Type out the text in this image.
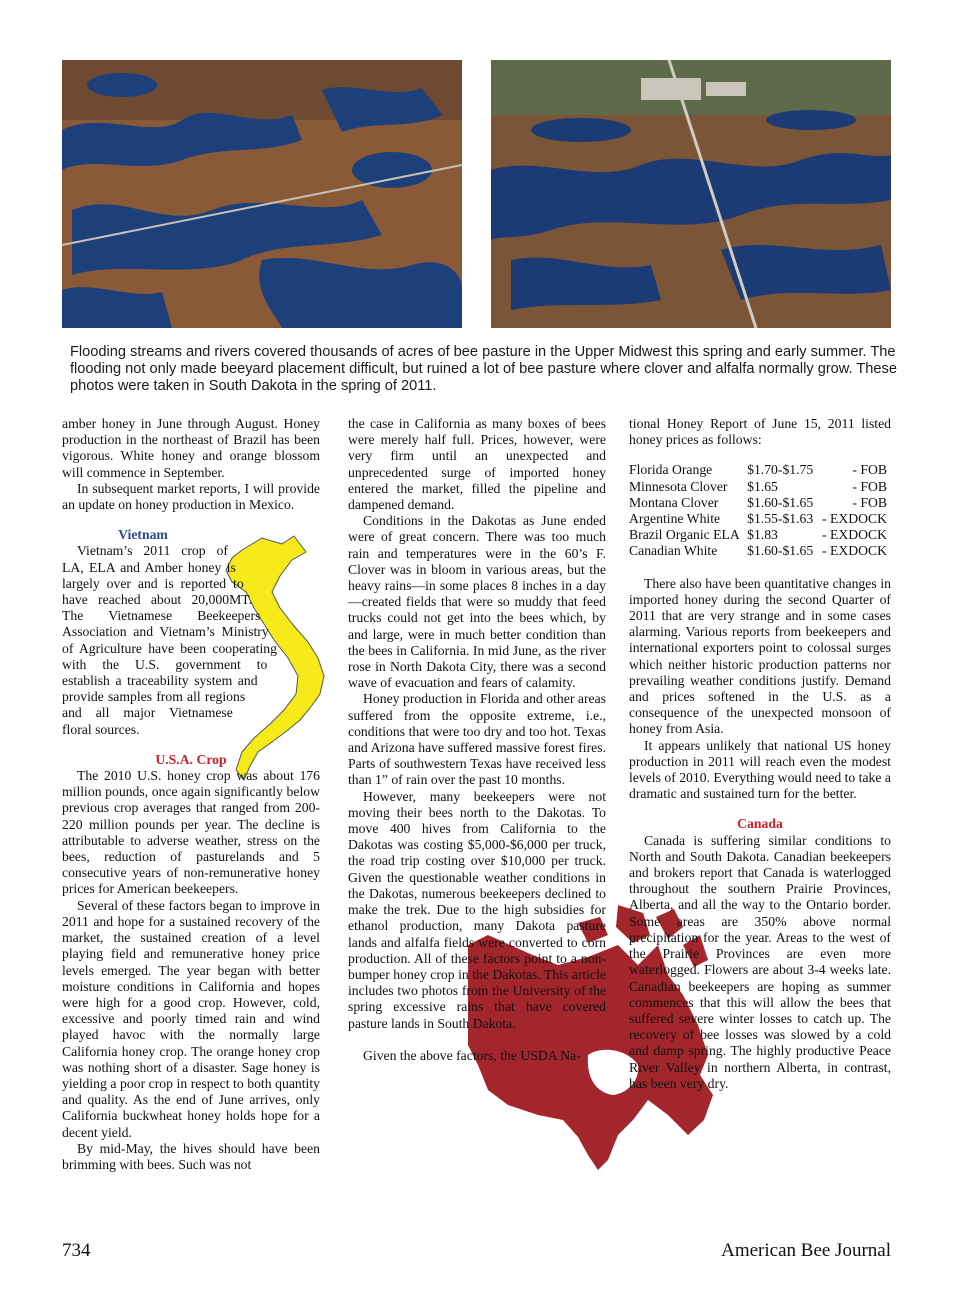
Flooding streams and rivers covered thousands of acres of bee pasture in the Upper Midwest this spring and early summer. The flooding not only made beeyard placement difficult, but ruined a lot of bee pasture where clover and alfalfa normally grow. These photos were taken in South Dakota in the spring of 2011.

amber honey in June through August. Honey production in the northeast of Brazil has been vigorous. White honey and orange blossom will commence in September.

In subsequent market reports, I will provide an update on honey production in Mexico.

Vietnam

Vietnam’s 2011 crop of LA, ELA and Amber honey is largely over and is reported to have reached about 20,000MT. The Vietnamese Beekeepers Association and Vietnam’s Ministry of Agriculture have been cooperating with the U.S. government to establish a traceability system and provide samples from all regions and all major Vietnamese floral sources.

U.S.A. Crop

The 2010 U.S. honey crop was about 176 million pounds, once again significantly below previous crop averages that ranged from 200-220 million pounds per year. The decline is attributable to adverse weather, stress on the bees, reduction of pasturelands and 5 consecutive years of non-remunerative honey prices for American beekeepers.

Several of these factors began to improve in 2011 and hope for a sustained recovery of the market, the sustained creation of a level playing field and remunerative honey price levels emerged. The year began with better moisture conditions in California and hopes were high for a good crop. However, cold, excessive and poorly timed rain and wind played havoc with the normally large California honey crop. The orange honey crop was nothing short of a disaster. Sage honey is yielding a poor crop in respect to both quantity and quality. As the end of June arrives, only California buckwheat honey holds hope for a decent yield.

By mid-May, the hives should have been brimming with bees. Such was not

the case in California as many boxes of bees were merely half full. Prices, however, were very firm until an unexpected and unprecedented surge of imported honey entered the market, filled the pipeline and dampened demand.

Conditions in the Dakotas as June ended were of great concern. There was too much rain and temperatures were in the 60’s F. Clover was in bloom in various areas, but the heavy rains—in some places 8 inches in a day—created fields that were so muddy that feed trucks could not get into the bees which, by and large, were in much better condition than the bees in California. In mid June, as the river rose in North Dakota City, there was a second wave of evacuation and fears of calamity.

Honey production in Florida and other areas suffered from the opposite extreme, i.e., conditions that were too dry and too hot. Texas and Arizona have suffered massive forest fires. Parts of southwestern Texas have received less than 1” of rain over the past 10 months.

However, many beekeepers were not moving their bees north to the Dakotas. To move 400 hives from California to the Dakotas was costing $5,000-$6,000 per truck, the road trip costing over $10,000 per truck. Given the questionable weather conditions in the Dakotas, numerous beekeepers declined to make the trek. Due to the high subsidies for ethanol production, many Dakota pasture lands and alfalfa fields were converted to corn production. All of these factors point to a non-bumper honey crop in the Dakotas. This article includes two photos from the University of the spring excessive rains that have covered pasture lands in South Dakota.

Given the above factors, the USDA Na-

tional Honey Report of June 15, 2011 listed honey prices as follows:

Florida Orange	$1.70-$1.75	- FOB
Minnesota Clover	$1.65	- FOB
Montana Clover	$1.60-$1.65	- FOB
Argentine White	$1.55-$1.63	- EXDOCK
Brazil Organic ELA	$1.83	- EXDOCK
Canadian White	$1.60-$1.65	- EXDOCK

There also have been quantitative changes in imported honey during the second Quarter of 2011 that are very strange and in some cases alarming. Various reports from beekeepers and international exporters point to colossal surges which neither historic production patterns nor prevailing weather conditions justify. Demand and prices softened in the U.S. as a consequence of the unexpected monsoon of honey from Asia.

It appears unlikely that national US honey production in 2011 will reach even the modest levels of 2010. Everything would need to take a dramatic and sustained turn for the better.

Canada

Canada is suffering similar conditions to North and South Dakota. Canadian beekeepers and brokers report that Canada is waterlogged throughout the southern Prairie Provinces, Alberta, and all the way to the Ontario border. Some areas are 350% above normal precipitation for the year. Areas to the west of the Prairie Provinces are even more waterlogged. Flowers are about 3-4 weeks late. Canadian beekeepers are hoping as summer commences that this will allow the bees that suffered severe winter losses to catch up. The recovery of bee losses was slowed by a cold and damp spring. The highly productive Peace River Valley in northern Alberta, in contrast, has been very dry.

734	American Bee Journal
